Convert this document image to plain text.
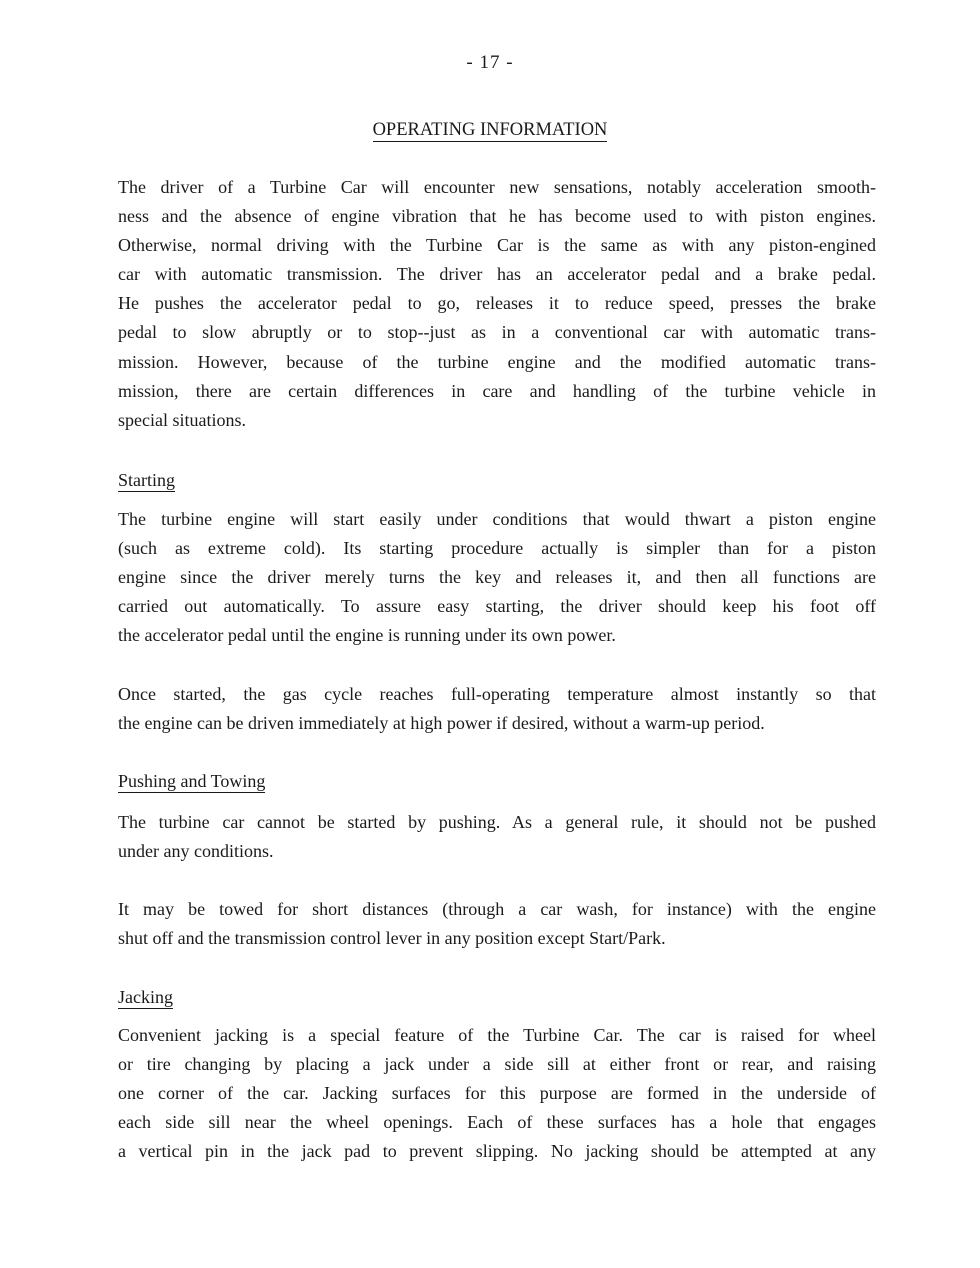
- 17 -
OPERATING INFORMATION

The driver of a Turbine Car will encounter new sensations, notably acceleration smooth-
ness and the absence of engine vibration that he has become used to with piston engines.
Otherwise, normal driving with the Turbine Car is the same as with any piston-engined
car with automatic transmission. The driver has an accelerator pedal and a brake pedal.
He pushes the accelerator pedal to go, releases it to reduce speed, presses the brake
pedal to slow abruptly or to stop--just as in a conventional car with automatic trans-
mission. However, because of the turbine engine and the modified automatic trans-
mission, there are certain differences in care and handling of the turbine vehicle in
special situations.

Starting

The turbine engine will start easily under conditions that would thwart a piston engine
(such as extreme cold). Its starting procedure actually is simpler than for a piston
engine since the driver merely turns the key and releases it, and then all functions are
carried out automatically. To assure easy starting, the driver should keep his foot off
the accelerator pedal until the engine is running under its own power.

Once started, the gas cycle reaches full-operating temperature almost instantly so that
the engine can be driven immediately at high power if desired, without a warm-up period.

Pushing and Towing

The turbine car cannot be started by pushing. As a general rule, it should not be pushed
under any conditions.

It may be towed for short distances (through a car wash, for instance) with the engine
shut off and the transmission control lever in any position except Start/Park.

Jacking

Convenient jacking is a special feature of the Turbine Car. The car is raised for wheel
or tire changing by placing a jack under a side sill at either front or rear, and raising
one corner of the car. Jacking surfaces for this purpose are formed in the underside of
each side sill near the wheel openings. Each of these surfaces has a hole that engages
a vertical pin in the jack pad to prevent slipping. No jacking should be attempted at any
